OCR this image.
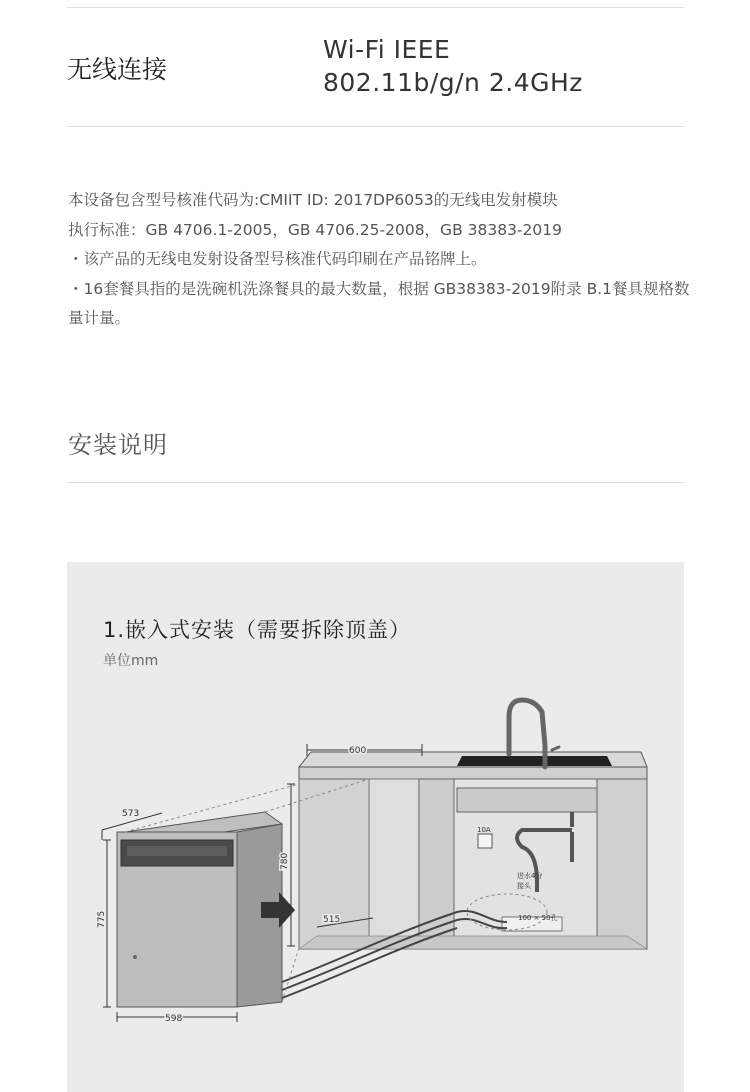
无线连接
Wi-Fi IEEE
802.11b/g/n 2.4GHz

本设备包含型号核准代码为:CMIIT ID: 2017DP6053的无线电发射模块

执行标准：GB 4706.1-2005，GB 4706.25-2008，GB 38383-2019

・该产品的无线电发射设备型号核准代码印刷在产品铭牌上。

・16套餐具指的是洗碗机洗涤餐具的最大数量，根据 GB38383-2019附录 B.1餐具规格数量计量。

安装说明
1.嵌入式安装（需要拆除顶盖）
单位mm
600
573
780
775	515
598
10A
进水4分
接头
100 × 50孔
